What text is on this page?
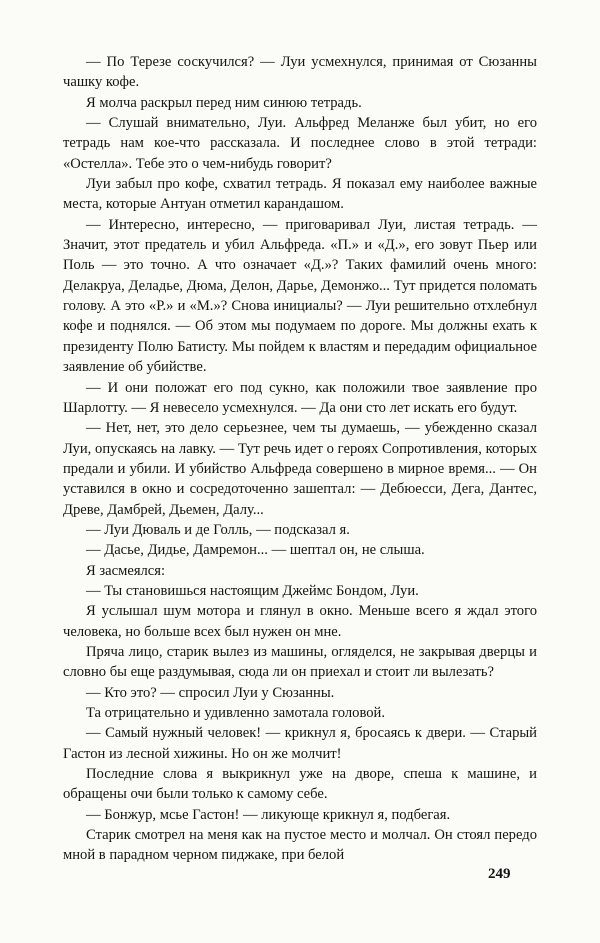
— По Терезе соскучился? — Луи усмехнулся, принимая от Сюзанны чашку кофе.

Я молча раскрыл перед ним синюю тетрадь.

— Слушай внимательно, Луи. Альфред Меланже был убит, но его тетрадь нам кое-что рассказала. И последнее слово в этой тетради: «Остелла». Тебе это о чем-нибудь говорит?

Луи забыл про кофе, схватил тетрадь. Я показал ему наиболее важные места, которые Антуан отметил карандашом.

— Интересно, интересно, — приговаривал Луи, листая тетрадь. — Значит, этот предатель и убил Альфреда. «П.» и «Д.», его зовут Пьер или Поль — это точно. А что означает «Д.»? Таких фамилий очень много: Делакруа, Деладье, Дюма, Делон, Дарье, Демонжо... Тут придется поломать голову. А это «Р.» и «М.»? Снова инициалы? — Луи решительно отхлебнул кофе и поднялся. — Об этом мы подумаем по дороге. Мы должны ехать к президенту Полю Батисту. Мы пойдем к властям и передадим официальное заявление об убийстве.

— И они положат его под сукно, как положили твое заявление про Шарлотту. — Я невесело усмехнулся. — Да они сто лет искать его будут.

— Нет, нет, это дело серьезнее, чем ты думаешь, — убежденно сказал Луи, опускаясь на лавку. — Тут речь идет о героях Сопротивления, которых предали и убили. И убийство Альфреда совершено в мирное время... — Он уставился в окно и сосредоточенно зашептал: — Дебюесси, Дега, Дантес, Древе, Дамбрей, Дьемен, Далу...

— Луи Дюваль и де Голль, — подсказал я.

— Дасье, Дидье, Дамремон... — шептал он, не слыша.

Я засмеялся:

— Ты становишься настоящим Джеймс Бондом, Луи.

Я услышал шум мотора и глянул в окно. Меньше всего я ждал этого человека, но больше всех был нужен он мне.

Пряча лицо, старик вылез из машины, огляделся, не закрывая дверцы и словно бы еще раздумывая, сюда ли он приехал и стоит ли вылезать?

— Кто это? — спросил Луи у Сюзанны.

Та отрицательно и удивленно замотала головой.

— Самый нужный человек! — крикнул я, бросаясь к двери. — Старый Гастон из лесной хижины. Но он же молчит!

Последние слова я выкрикнул уже на дворе, спеша к машине, и обращены очи были только к самому себе.

— Бонжур, мсье Гастон! — ликующе крикнул я, подбегая.

Старик смотрел на меня как на пустое место и молчал. Он стоял передо мной в парадном черном пиджаке, при белой

249
